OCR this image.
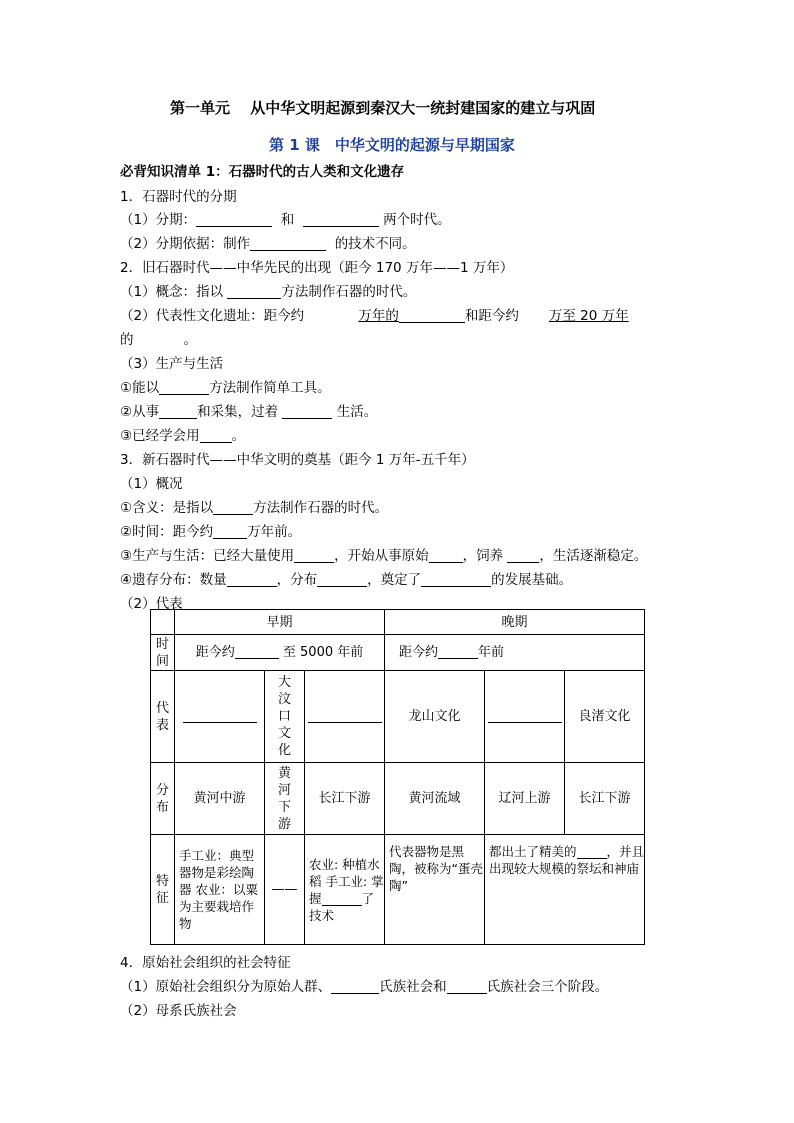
第一单元　 从中华文明起源到秦汉大一统封建国家的建立与巩固
第 1 课　中华文明的起源与早期国家
必背知识清单 1：石器时代的古人类和文化遗存
1．石器时代的分期
（1）分期：	和	两个时代。
（2）分期依据：制作	的技术不同。
2．旧石器时代——中华先民的出现（距今 170 万年——1 万年）
（1）概念：指以	方法制作石器的时代。
（2）代表性文化遗址：距今约	万年的	和距今约 万至 20 万年
的	。
（3）生产与生活
①能以	方法制作简单工具。
②从事	和采集，过着	生活。
③已经学会用 。
3．新石器时代——中华文明的奠基（距今 1 万年-五千年）
（1）概况
①含义：是指以	方法制作石器的时代。
②时间：距今约	万年前。
③生产与生活：已经大量使用	，开始从事原始	，饲养	，生活逐渐稳定。
④遗存分布：数量	，分布	，奠定了	的发展基础。
（2）代表
	早期			晚期		
时间	距今约 至 5000 年前			距今约 年前		
代表		大汶口文化		龙山文化		良渚文化
分布	黄河中游	黄河下游	长江下游	黄河流域	辽河上游	长江下游
特征	手工业：典型器物是彩绘陶器 农业：以粟为主要栽培作物	——	农业: 种植水稻 手工业: 掌握 了技术	代表器物是黑陶，被称为“蛋壳陶”	都出土了精美的 ，并且出现较大规模的祭坛和神庙	
4．原始社会组织的社会特征
（1）原始社会组织分为原始人群、	氏族社会和	氏族社会三个阶段。
（2）母系氏族社会
